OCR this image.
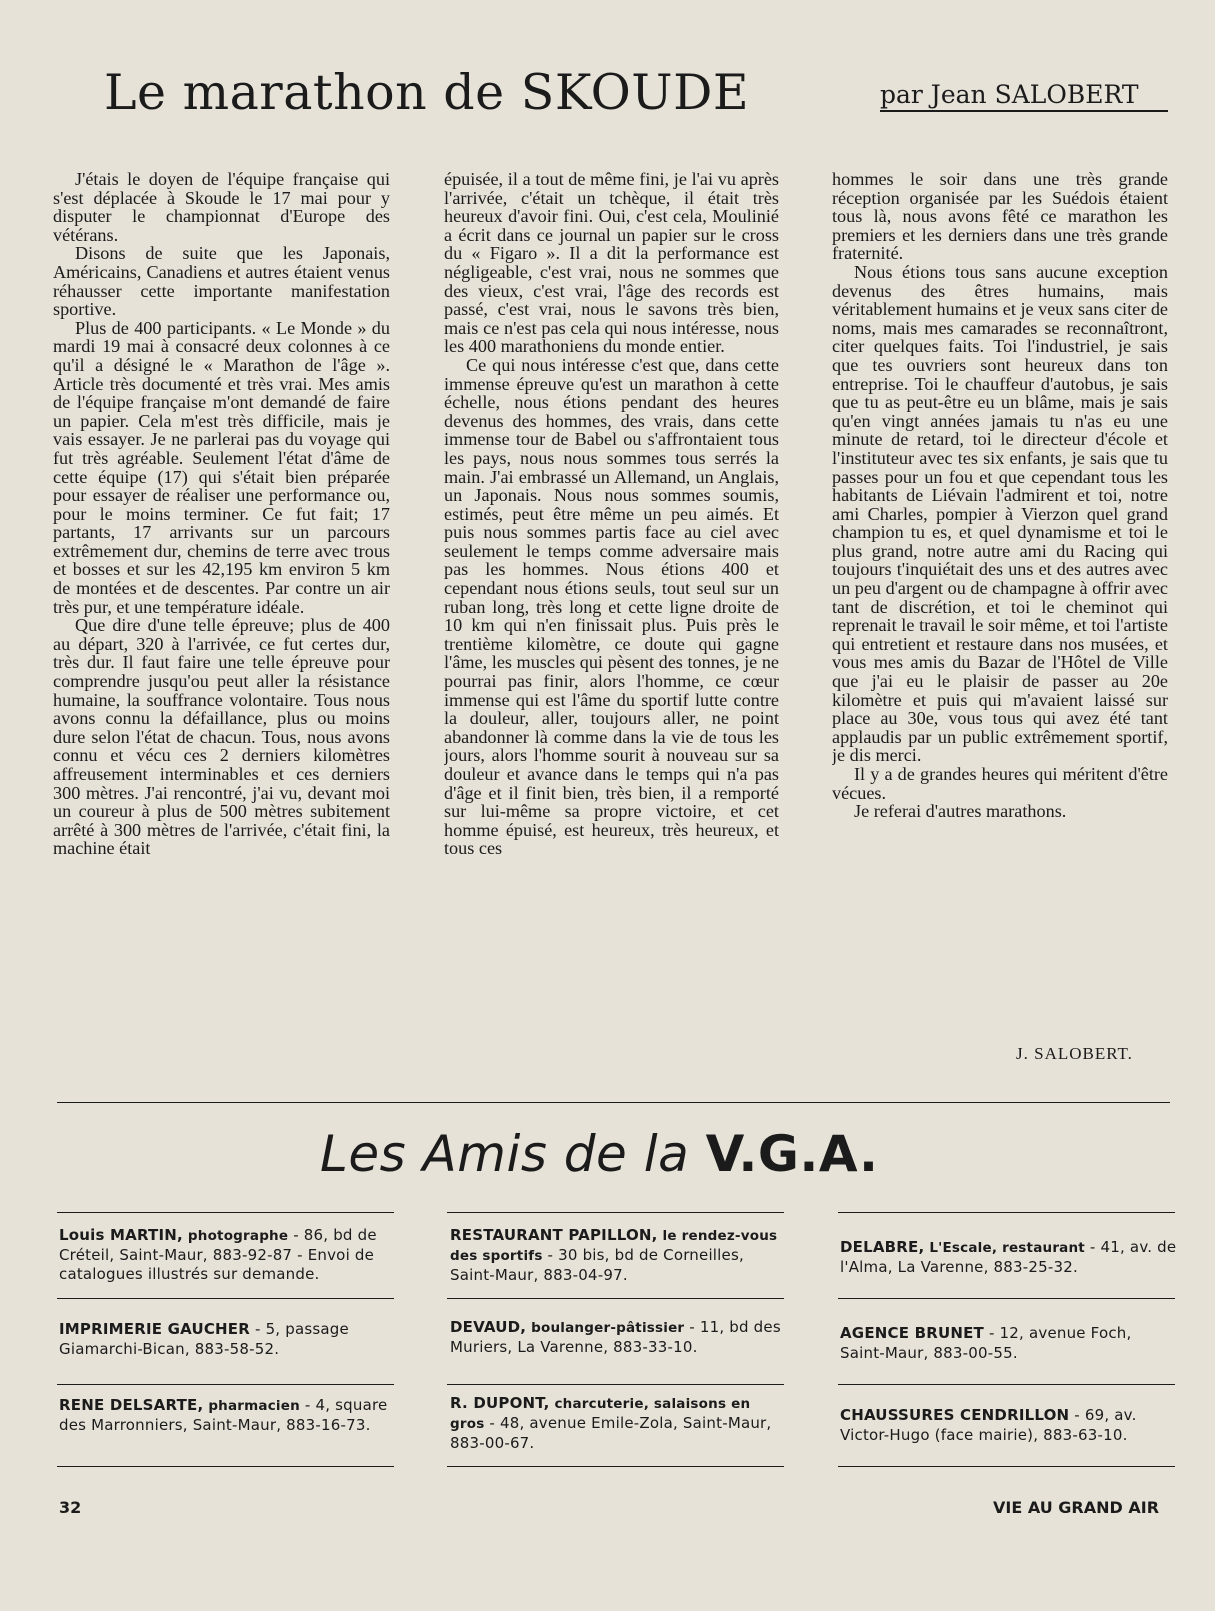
Le marathon de SKOUDE	par Jean SALOBERT

J'étais le doyen de l'équipe française qui s'est déplacée à Skoude le 17 mai pour y disputer le championnat d'Europe des vétérans.

Disons de suite que les Japonais, Américains, Canadiens et autres étaient venus réhausser cette importante manifestation sportive.

Plus de 400 participants. « Le Monde » du mardi 19 mai à consacré deux colonnes à ce qu'il a désigné le « Marathon de l'âge ». Article très documenté et très vrai. Mes amis de l'équipe française m'ont demandé de faire un papier. Cela m'est très difficile, mais je vais essayer. Je ne parlerai pas du voyage qui fut très agréable. Seulement l'état d'âme de cette équipe (17) qui s'était bien préparée pour essayer de réaliser une performance ou, pour le moins terminer. Ce fut fait; 17 partants, 17 arrivants sur un parcours extrêmement dur, chemins de terre avec trous et bosses et sur les 42,195 km environ 5 km de montées et de descentes. Par contre un air très pur, et une température idéale.

Que dire d'une telle épreuve; plus de 400 au départ, 320 à l'arrivée, ce fut certes dur, très dur. Il faut faire une telle épreuve pour comprendre jusqu'ou peut aller la résistance humaine, la souffrance volontaire. Tous nous avons connu la défaillance, plus ou moins dure selon l'état de chacun. Tous, nous avons connu et vécu ces 2 derniers kilomètres affreusement interminables et ces derniers 300 mètres. J'ai rencontré, j'ai vu, devant moi un coureur à plus de 500 mètres subitement arrêté à 300 mètres de l'arrivée, c'était fini, la machine était

épuisée, il a tout de même fini, je l'ai vu après l'arrivée, c'était un tchèque, il était très heureux d'avoir fini. Oui, c'est cela, Moulinié a écrit dans ce journal un papier sur le cross du « Figaro ». Il a dit la performance est négligeable, c'est vrai, nous ne sommes que des vieux, c'est vrai, l'âge des records est passé, c'est vrai, nous le savons très bien, mais ce n'est pas cela qui nous intéresse, nous les 400 marathoniens du monde entier.

Ce qui nous intéresse c'est que, dans cette immense épreuve qu'est un marathon à cette échelle, nous étions pendant des heures devenus des hommes, des vrais, dans cette immense tour de Babel ou s'affrontaient tous les pays, nous nous sommes tous serrés la main. J'ai embrassé un Allemand, un Anglais, un Japonais. Nous nous sommes soumis, estimés, peut être même un peu aimés. Et puis nous sommes partis face au ciel avec seulement le temps comme adversaire mais pas les hommes. Nous étions 400 et cependant nous étions seuls, tout seul sur un ruban long, très long et cette ligne droite de 10 km qui n'en finissait plus. Puis près le trentième kilomètre, ce doute qui gagne l'âme, les muscles qui pèsent des tonnes, je ne pourrai pas finir, alors l'homme, ce cœur immense qui est l'âme du sportif lutte contre la douleur, aller, toujours aller, ne point abandonner là comme dans la vie de tous les jours, alors l'homme sourit à nouveau sur sa douleur et avance dans le temps qui n'a pas d'âge et il finit bien, très bien, il a remporté sur lui-même sa propre victoire, et cet homme épuisé, est heureux, très heureux, et tous ces

hommes le soir dans une très grande réception organisée par les Suédois étaient tous là, nous avons fêté ce marathon les premiers et les derniers dans une très grande fraternité.

Nous étions tous sans aucune exception devenus des êtres humains, mais véritablement humains et je veux sans citer de noms, mais mes camarades se reconnaîtront, citer quelques faits. Toi l'industriel, je sais que tes ouvriers sont heureux dans ton entreprise. Toi le chauffeur d'autobus, je sais que tu as peut-être eu un blâme, mais je sais qu'en vingt années jamais tu n'as eu une minute de retard, toi le directeur d'école et l'instituteur avec tes six enfants, je sais que tu passes pour un fou et que cependant tous les habitants de Liévain l'admirent et toi, notre ami Charles, pompier à Vierzon quel grand champion tu es, et quel dynamisme et toi le plus grand, notre autre ami du Racing qui toujours t'inquiétait des uns et des autres avec un peu d'argent ou de champagne à offrir avec tant de discrétion, et toi le cheminot qui reprenait le travail le soir même, et toi l'artiste qui entretient et restaure dans nos musées, et vous mes amis du Bazar de l'Hôtel de Ville que j'ai eu le plaisir de passer au 20e kilomètre et puis qui m'avaient laissé sur place au 30e, vous tous qui avez été tant applaudis par un public extrêmement sportif, je dis merci.

Il y a de grandes heures qui méritent d'être vécues.

Je referai d'autres marathons.

J. SALOBERT.
Les Amis de la V.G.A.
Louis MARTIN, photographe - 86, bd de Créteil, Saint-Maur, 883-92-87 - Envoi de catalogues illustrés sur demande.
RESTAURANT PAPILLON, le rendez-vous des sportifs - 30 bis, bd de Corneilles, Saint-Maur, 883-04-97.
DELABRE, L'Escale, restaurant - 41, av. de l'Alma, La Varenne, 883-25-32.
IMPRIMERIE GAUCHER - 5, passage Giamarchi-Bican, 883-58-52.
DEVAUD, boulanger-pâtissier - 11, bd des Muriers, La Varenne, 883-33-10.
AGENCE BRUNET - 12, avenue Foch, Saint-Maur, 883-00-55.
RENE DELSARTE, pharmacien - 4, square des Marronniers, Saint-Maur, 883-16-73.
R. DUPONT, charcuterie, salaisons en gros - 48, avenue Emile-Zola, Saint-Maur, 883-00-67.
CHAUSSURES CENDRILLON - 69, av. Victor-Hugo (face mairie), 883-63-10.
32	VIE AU GRAND AIR
